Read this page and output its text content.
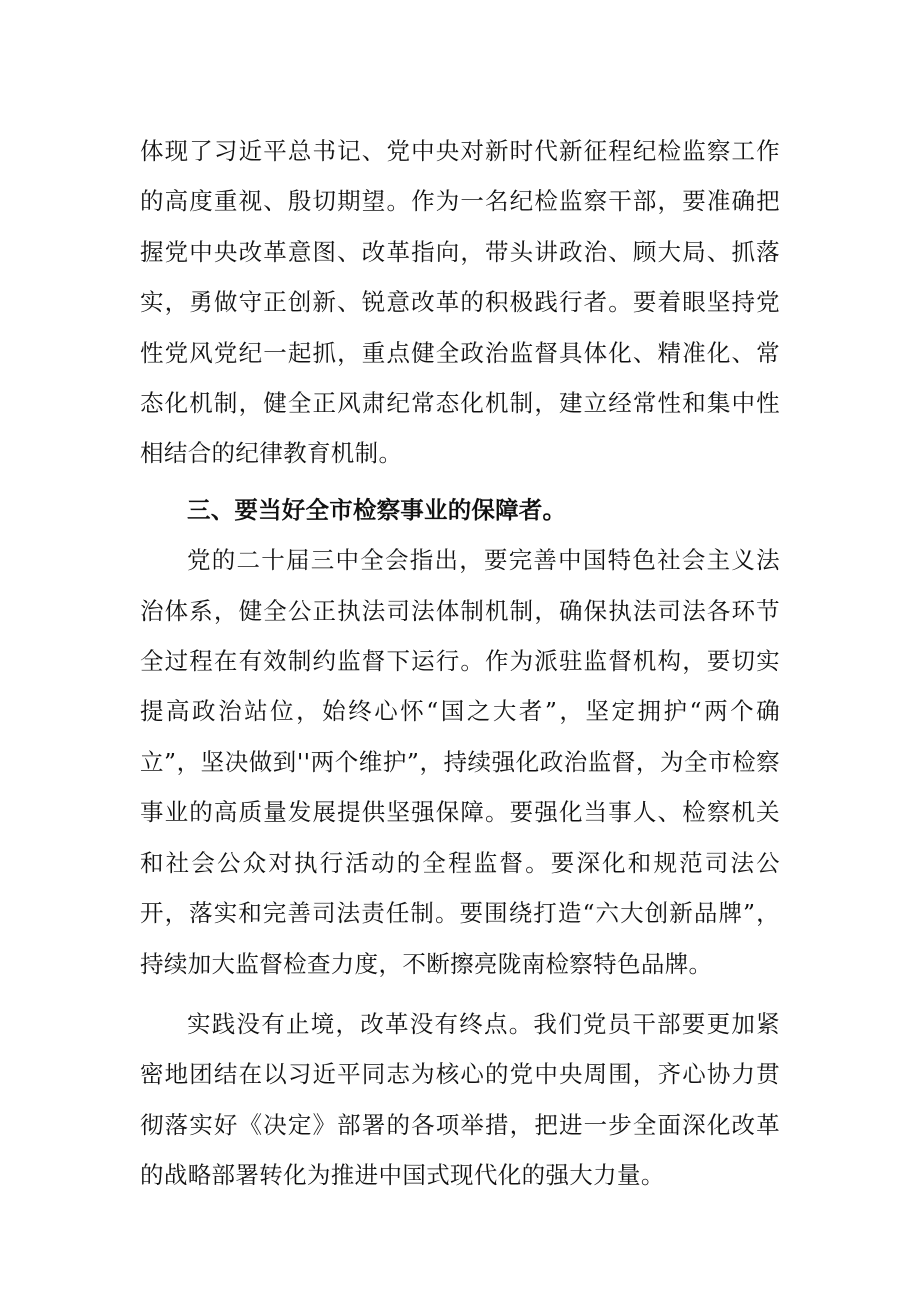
体现了习近平总书记、党中央对新时代新征程纪检监察工作的高度重视、殷切期望。作为一名纪检监察干部，要准确把握党中央改革意图、改革指向，带头讲政治、顾大局、抓落实，勇做守正创新、锐意改革的积极践行者。要着眼坚持党性党风党纪一起抓，重点健全政治监督具体化、精准化、常态化机制，健全正风肃纪常态化机制，建立经常性和集中性相结合的纪律教育机制。

三、要当好全市检察事业的保障者。

党的二十届三中全会指出，要完善中国特色社会主义法治体系，健全公正执法司法体制机制，确保执法司法各环节全过程在有效制约监督下运行。作为派驻监督机构，要切实提高政治站位，始终心怀“国之大者”，坚定拥护“两个确立”，坚决做到''两个维护”，持续强化政治监督，为全市检察事业的高质量发展提供坚强保障。要强化当事人、检察机关和社会公众对执行活动的全程监督。要深化和规范司法公开，落实和完善司法责任制。要围绕打造“六大创新品牌”，持续加大监督检查力度，不断擦亮陇南检察特色品牌。

实践没有止境，改革没有终点。我们党员干部要更加紧密地团结在以习近平同志为核心的党中央周围，齐心协力贯彻落实好《决定》部署的各项举措，把进一步全面深化改革的战略部署转化为推进中国式现代化的强大力量。
